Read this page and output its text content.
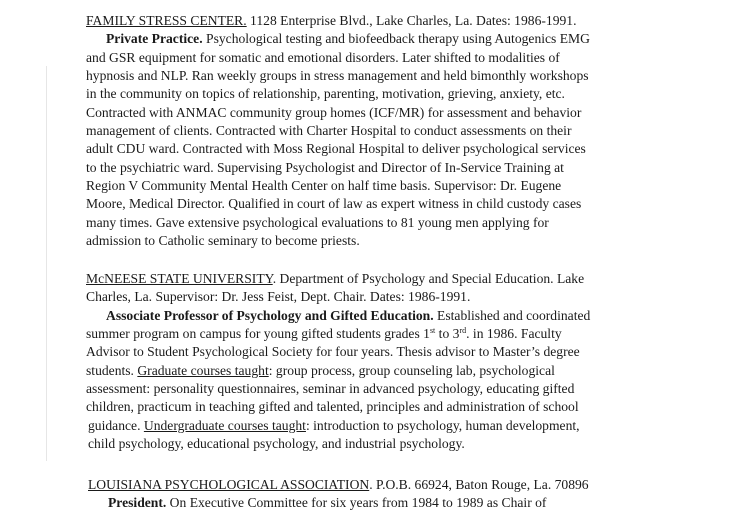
FAMILY STRESS CENTER. 1128 Enterprise Blvd., Lake Charles, La. Dates: 1986-1991.

Private Practice. Psychological testing and biofeedback therapy using Autogenics EMG

and GSR equipment for somatic and emotional disorders. Later shifted to modalities of

hypnosis and NLP. Ran weekly groups in stress management and held bimonthly workshops

in the community on topics of relationship, parenting, motivation, grieving, anxiety, etc.

Contracted with ANMAC community group homes (ICF/MR) for assessment and behavior

management of clients. Contracted with Charter Hospital to conduct assessments on their

adult CDU ward. Contracted with Moss Regional Hospital to deliver psychological services

to the psychiatric ward. Supervising Psychologist and Director of In-Service Training at

Region V Community Mental Health Center on half time basis. Supervisor: Dr. Eugene

Moore, Medical Director. Qualified in court of law as expert witness in child custody cases

many times. Gave extensive psychological evaluations to 81 young men applying for

admission to Catholic seminary to become priests.

McNEESE STATE UNIVERSITY. Department of Psychology and Special Education. Lake

Charles, La. Supervisor: Dr. Jess Feist, Dept. Chair. Dates: 1986-1991.

Associate Professor of Psychology and Gifted Education. Established and coordinated

summer program on campus for young gifted students grades 1st to 3rd. in 1986. Faculty

Advisor to Student Psychological Society for four years. Thesis advisor to Master’s degree

students. Graduate courses taught: group process, group counseling lab, psychological

assessment: personality questionnaires, seminar in advanced psychology, educating gifted

children, practicum in teaching gifted and talented, principles and administration of school

guidance. Undergraduate courses taught: introduction to psychology, human development,

child psychology, educational psychology, and industrial psychology.

LOUISIANA PSYCHOLOGICAL ASSOCIATION. P.O.B. 66924, Baton Rouge, La. 70896

President. On Executive Committee for six years from 1984 to 1989 as Chair of
